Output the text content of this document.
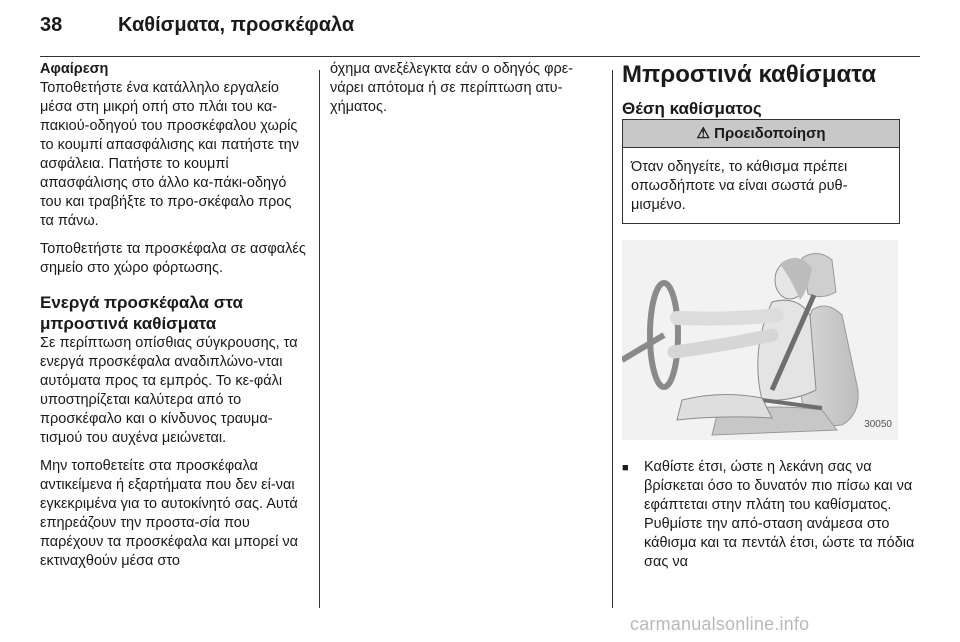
38	Καθίσματα, προσκέφαλα
Αφαίρεση

Τοποθετήστε ένα κατάλληλο εργαλείο μέσα στη μικρή οπή στο πλάι του κα-πακιού-οδηγού του προσκέφαλου χωρίς το κουμπί απασφάλισης και πατήστε την ασφάλεια. Πατήστε το κουμπί απασφάλισης στο άλλο κα-πάκι-οδηγό του και τραβήξτε το προ-σκέφαλο προς τα πάνω.

Τοποθετήστε τα προσκέφαλα σε ασφαλές σημείο στο χώρο φόρτωσης.

Ενεργά προσκέφαλα στα μπροστινά καθίσματα

Σε περίπτωση οπίσθιας σύγκρουσης, τα ενεργά προσκέφαλα αναδιπλώνο-νται αυτόματα προς τα εμπρός. Το κε-φάλι υποστηρίζεται καλύτερα από το προσκέφαλο και ο κίνδυνος τραυμα-τισμού του αυχένα μειώνεται.

Μην τοποθετείτε στα προσκέφαλα αντικείμενα ή εξαρτήματα που δεν εί-ναι εγκεκριμένα για το αυτοκίνητό σας. Αυτά επηρεάζουν την προστα-σία που παρέχουν τα προσκέφαλα και μπορεί να εκτιναχθούν μέσα στο

όχημα ανεξέλεγκτα εάν ο οδηγός φρε-νάρει απότομα ή σε περίπτωση ατυ-χήματος.

Μπροστινά καθίσματα
Θέση καθίσματος
⚠ Προειδοποίηση
Όταν οδηγείτε, το κάθισμα πρέπει οπωσδήποτε να είναι σωστά ρυθ-μισμένο.
30050
■ Καθίστε έτσι, ώστε η λεκάνη σας να βρίσκεται όσο το δυνατόν πιο πίσω και να εφάπτεται στην πλάτη του καθίσματος. Ρυθμίστε την από-σταση ανάμεσα στο κάθισμα και τα πεντάλ έτσι, ώστε τα πόδια σας να
carmanualsonline.info
